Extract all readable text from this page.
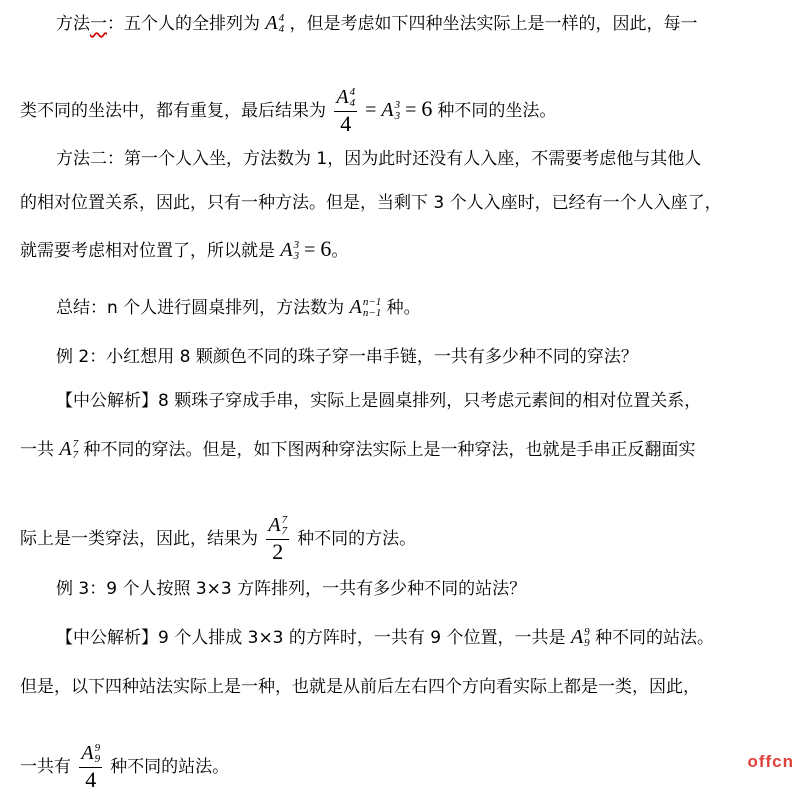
方法一：五个人的全排列为 A 4
4 ，但是考虑如下四种坐法实际上是一样的，因此，每一
类不同的坐法中，都有重复，最后结果为 A 4
4
4 = A 3
3 = 6 种不同的坐法。
方法二：第一个人入坐，方法数为 1，因为此时还没有人入座，不需要考虑他与其他人
的相对位置关系，因此，只有一种方法。但是，当剩下 3 个人入座时，已经有一个人入座了，
就需要考虑相对位置了，所以就是 A 3
3 = 6。
总结：n 个人进行圆桌排列，方法数为 A n−1
n−1 种。
例 2：小红想用 8 颗颜色不同的珠子穿一串手链，一共有多少种不同的穿法？
【中公解析】8 颗珠子穿成手串，实际上是圆桌排列，只考虑元素间的相对位置关系，
一共 A 7
7 种不同的穿法。但是，如下图两种穿法实际上是一种穿法，也就是手串正反翻面实
际上是一类穿法，因此，结果为 A 7
7
2 种不同的方法。
例 3：9 个人按照 3×3 方阵排列，一共有多少种不同的站法？
【中公解析】9 个人排成 3×3 的方阵时，一共有 9 个位置，一共是 A 9
9 种不同的站法。
但是，以下四种站法实际上是一种，也就是从前后左右四个方向看实际上都是一类，因此，
一共有 A 9
9
4 种不同的站法。	offcn
